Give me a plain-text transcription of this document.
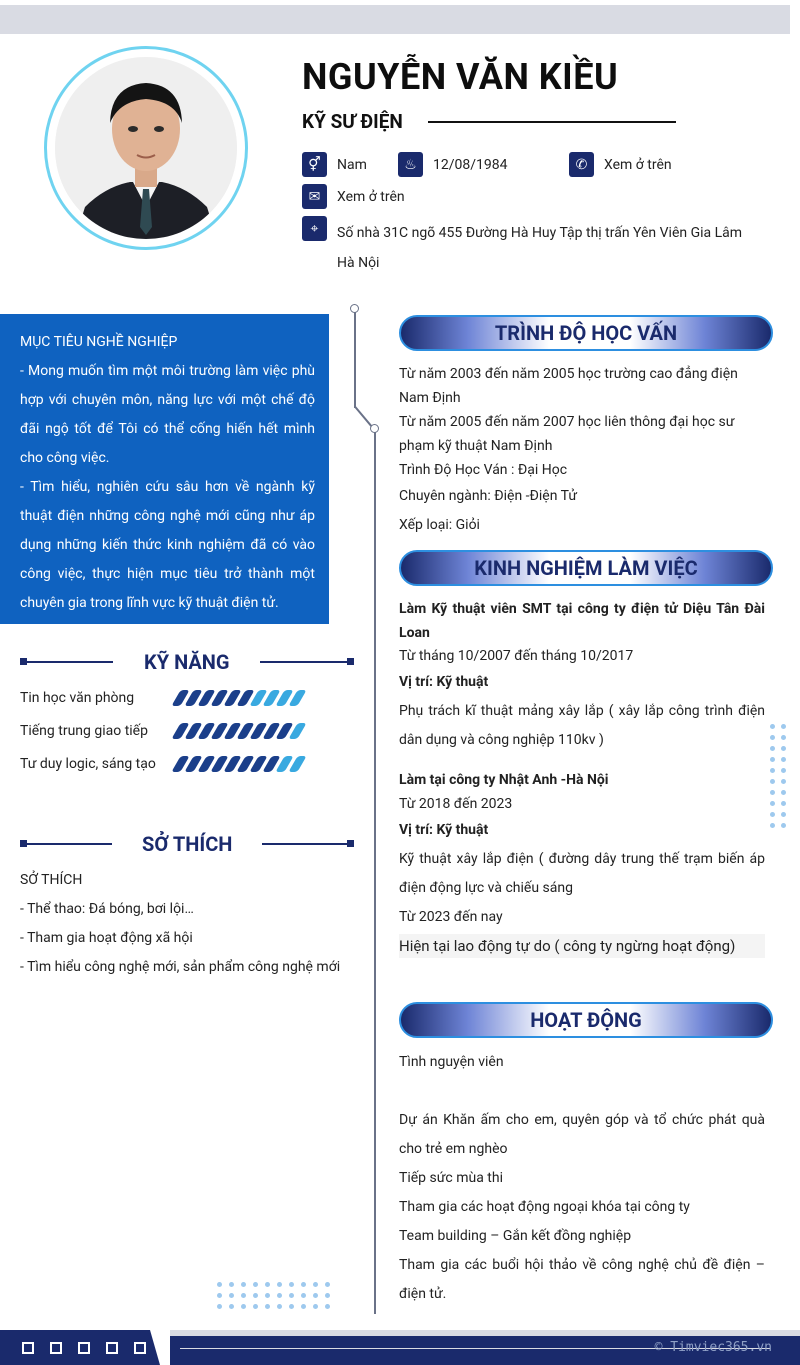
NGUYỄN VĂN KIỀU
KỸ SƯ ĐIỆN
⚥	Nam	♨	12/08/1984	✆	Xem ở trên
✉	Xem ở trên
⌖	Số nhà 31C ngõ 455 Đường Hà Huy Tập thị trấn Yên Viên Gia Lâm Hà Nội
MỤC TIÊU NGHỀ NGHIỆP
- Mong muốn tìm một môi trường làm việc phù hợp với chuyên môn, năng lực với một chế độ đãi ngộ tốt để Tôi có thể cống hiến hết mình cho công việc.
- Tìm hiểu, nghiên cứu sâu hơn về ngành kỹ thuật điện những công nghệ mới cũng như áp dụng những kiến thức kinh nghiệm đã có vào công việc, thực hiện mục tiêu trở thành một chuyên gia trong lĩnh vực kỹ thuật điện tử.
KỸ NĂNG
Tin học văn phòng
Tiếng trung giao tiếp
Tư duy logic, sáng tạo
SỞ THÍCH
SỞ THÍCH
- Thể thao: Đá bóng, bơi lội…
- Tham gia hoạt động xã hội
- Tìm hiểu công nghệ mới, sản phẩm công nghệ mới
TRÌNH ĐỘ HỌC VẤN
Từ năm 2003 đến năm 2005 học trường cao đẳng điện Nam Định
Từ năm 2005 đến năm 2007 học liên thông đại học sư phạm kỹ thuật Nam Định
Trình Độ Học Ván : Đại Học
Chuyên ngành: Điện -Điện Tử
Xếp loại: Giỏi
KINH NGHIỆM LÀM VIỆC
Làm Kỹ thuật viên SMT tại công ty điện tử Diệu Tân Đài Loan
Từ tháng 10/2007 đến tháng 10/2017
Vị trí: Kỹ thuật
Phụ trách kĩ thuật mảng xây lắp ( xây lắp công trình điện dân dụng và công nghiệp 110kv )
Làm tại công ty Nhật Anh -Hà Nội
Từ 2018 đến 2023
Vị trí: Kỹ thuật
Kỹ thuật xây lắp điện ( đường dây trung thế trạm biến áp điện động lực và chiếu sáng
Từ 2023 đến nay
Hiện tại lao động tự do ( công ty ngừng hoạt động)
HOẠT ĐỘNG
Tình nguyện viên
Dự án Khăn ấm cho em, quyên góp và tổ chức phát quà cho trẻ em nghèo
Tiếp sức mùa thi
Tham gia các hoạt động ngoại khóa tại công ty
Team building – Gắn kết đồng nghiệp
Tham gia các buổi hội thảo về công nghệ chủ đề điện – điện tử.
© Timviec365.vn
